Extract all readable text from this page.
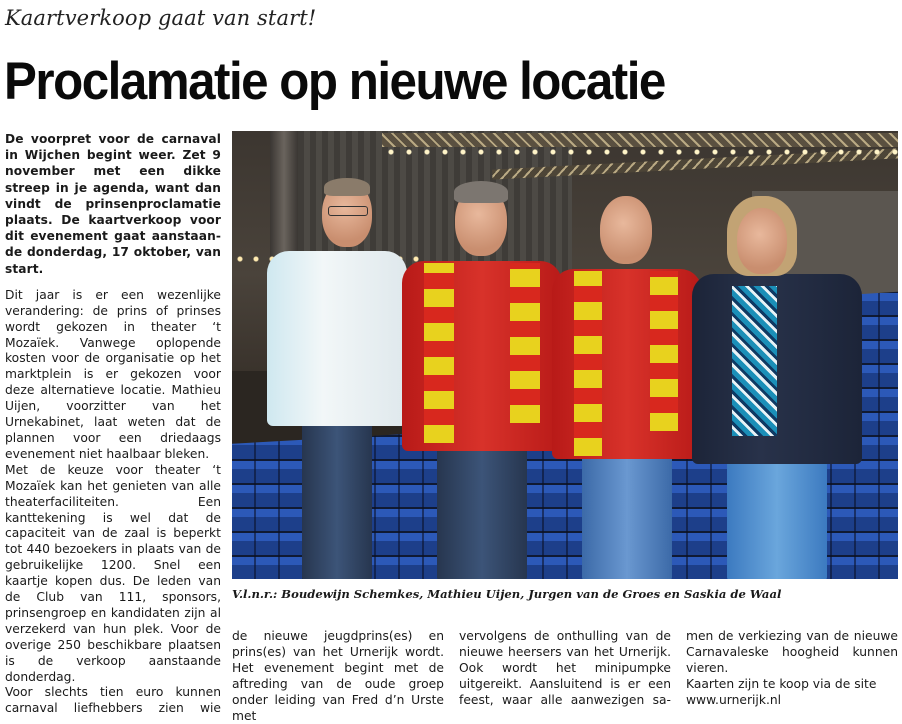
Kaartverkoop gaat van start!
Proclamatie op nieuwe locatie

De voorpret voor de carnaval in Wijchen begint weer. Zet 9 november met een dikke streep in je agenda, want dan vindt de prinsenproclamatie plaats. De kaartverkoop voor dit evenement gaat aanstaan-de donderdag, 17 oktober, van start.

Dit jaar is er een wezenlijke verandering: de prins of prinses wordt gekozen in theater ‘t Mozaïek. Vanwege oplopende kosten voor de organisatie op het marktplein is er gekozen voor deze alternatieve locatie. Mathieu Uijen, voorzitter van het Urnekabinet, laat weten dat de plannen voor een driedaags evenement niet haalbaar bleken.

Met de keuze voor theater ‘t Mozaïek kan het genieten van alle theaterfaciliteiten. Een kanttekening is wel dat de capaciteit van de zaal is beperkt tot 440 bezoekers in plaats van de gebruikelijke 1200. Snel een kaartje kopen dus. De leden van de Club van 111, sponsors, prinsengroep en kandidaten zijn al verzekerd van hun plek. Voor de overige 250 beschikbare plaatsen is de verkoop aanstaande donderdag.

Voor slechts tien euro kunnen carnaval liefhebbers zien wie

V.l.n.r.: Boudewijn Schemkes, Mathieu Uijen, Jurgen van de Groes en Saskia de Waal

de nieuwe jeugdprins(es) en prins(es) van het Urnerijk wordt. Het evenement begint met de aftreding van de oude groep onder leiding van Fred d’n Urste met

vervolgens de onthulling van de nieuwe heersers van het Urnerijk. Ook wordt het minipumpke uitgereikt. Aansluitend is er een feest, waar alle aanwezigen sa-

men de verkiezing van de nieuwe Carnavaleske hoogheid kunnen vieren.

Kaarten zijn te koop via de site www.urnerijk.nl
